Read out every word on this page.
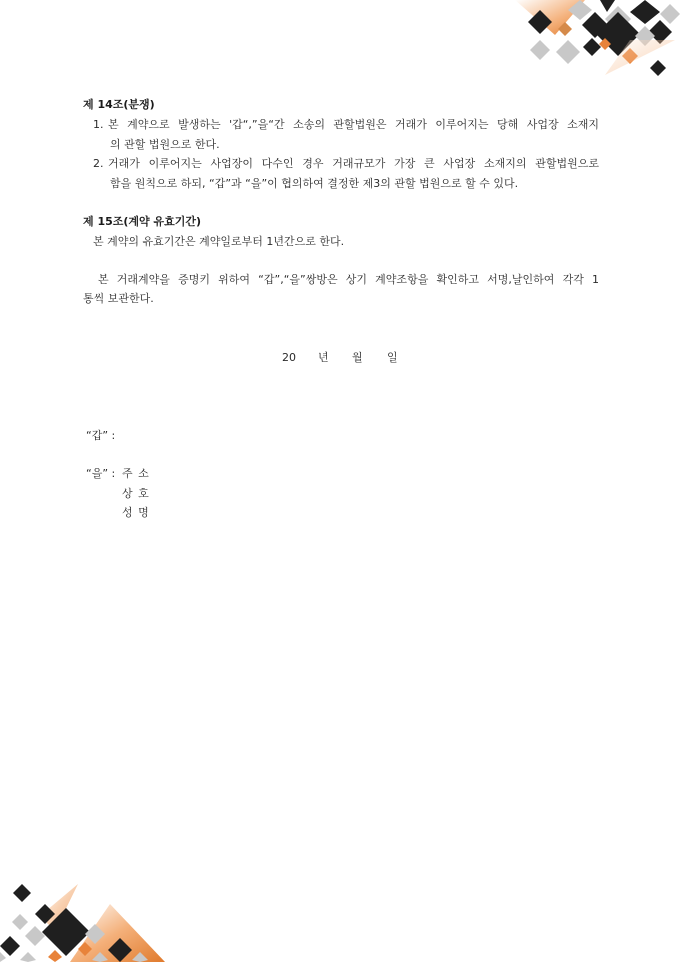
제 14조(분쟁)
1. 본 계약으로 발생하는 '갑“,”을“간 소송의 관할법원은 거래가 이루어지는 당해 사업장 소재지
의 관할 법원으로 한다.
2. 거래가 이루어지는 사업장이 다수인 경우 거래규모가 가장 큰 사업장 소재지의 관할법원으로
함을 원칙으로 하되, “갑”과 “을”이 협의하여 결정한 제3의 관할 법원으로 할 수 있다.
제 15조(계약 유효기간)
본 계약의 유효기간은 계약일로부터 1년간으로 한다.
본 거래계약을 증명키 위하여 “갑”,“을”쌍방은 상기 계약조항을 확인하고 서명,날인하여 각각 1
통씩 보관한다.
20 년 월 일
“갑” :
“을” : 주 소
상 호
성 명
